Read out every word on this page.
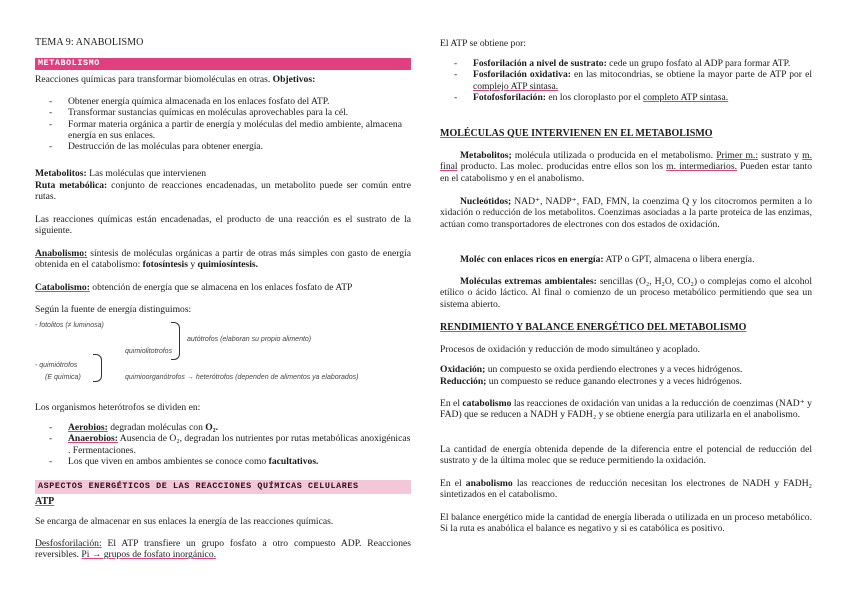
TEMA 9: ANABOLISMO
METABOLISMO

Reacciones químicas para transformar biomoléculas en otras. Objetivos:

- Obtener energía química almacenada en los enlaces fosfato del ATP.
- Transformar sustancias químicas en moléculas aprovechables para la cél.
- Formar materia orgánica a partir de energía y moléculas del medio ambiente, almacena energía en sus enlaces.
- Destrucción de las moléculas para obtener energía.

Metabolitos: Las moléculas que intervienen

Ruta metabólica: conjunto de reacciones encadenadas, un metabolito puede ser común entre rutas.

Las reacciones químicas están encadenadas, el producto de una reacción es el sustrato de la siguiente.

Anabolismo: síntesis de moléculas orgánicas a partir de otras más simples con gasto de energía obtenida en el catabolismo: fotosíntesis y quimiosíntesis.

Catabolismo: obtención de energía que se almacena en los enlaces fosfato de ATP

Según la fuente de energía distinguimos:

- fotolitos (≠ luminosa)
autótrofos (elaboran su propio alimento)
quimiolitotrofos
- quimiótrofos
(E química)	quimioorganótrofos → heterótrofos (dependen de alimentos ya elaborados)

Los organismos heterótrofos se dividen en:

- Aerobios: degradan moléculas con O₂.
- Anaerobios: Ausencia de O₂, degradan los nutrientes por rutas metabólicas anoxigénicas . Fermentaciones.
- Los que viven en ambos ambientes se conoce como facultativos.
ASPECTOS ENERGÉTICOS DE LAS REACCIONES QUÍMICAS CELULARES

ATP

Se encarga de almacenar en sus enlaces la energía de las reacciones químicas.

Desfosforilación: El ATP transfiere un grupo fosfato a otro compuesto ADP. Reacciones reversibles. Pi → grupos de fosfato inorgánico.

El ATP se obtiene por:

- Fosforilación a nivel de sustrato: cede un grupo fosfato al ADP para formar ATP.
- Fosforilación oxidativa: en las mitocondrias, se obtiene la mayor parte de ATP por el complejo ATP sintasa.
- Fotofosforilación: en los cloroplasto por el completo ATP sintasa.

MOLÉCULAS QUE INTERVIENEN EN EL METABOLISMO

Metabolitos; molécula utilizada o producida en el metabolismo. Primer m.: sustrato y m. final producto. Las molec. producidas entre ellos son los m. intermediarios. Pueden estar tanto en el catabolismo y en el anabolismo.

Nucleótidos; NAD⁺, NADP⁺, FAD, FMN, la coenzima Q y los citocromos permiten a lo xidación o reducción de los metabolitos. Coenzimas asociadas a la parte proteica de las enzimas, actúan como transportadores de electrones con dos estados de oxidación.

Moléc con enlaces ricos en energía: ATP o GPT, almacena o libera energía.

Moléculas extremas ambientales: sencillas (O₂, H₂O, CO₂) o complejas como el alcohol etílico o ácido láctico. Al final o comienzo de un proceso metabólico permitiendo que sea un sistema abierto.

RENDIMIENTO Y BALANCE ENERGÉTICO DEL METABOLISMO

Procesos de oxidación y reducción de modo simultáneo y acoplado.

Oxidación; un compuesto se oxida perdiendo electrones y a veces hidrógenos.

Reducción; un compuesto se reduce ganando electrones y a veces hidrógenos.

En el catabolismo las reacciones de oxidación van unidas a la reducción de coenzimas (NAD⁺ y FAD) que se reducen a NADH y FADH₂ y se obtiene energía para utilizarla en el anabolismo.

La cantidad de energía obtenida depende de la diferencia entre el potencial de reducción del sustrato y de la última molec que se reduce permitiendo la oxidación.

En el anabolismo las reacciones de reducción necesitan los electrones de NADH y FADH₂ sintetizados en el catabolismo.

El balance energético mide la cantidad de energía liberada o utilizada en un proceso metabólico. Si la ruta es anabólica el balance es negativo y si es catabólica es positivo.
